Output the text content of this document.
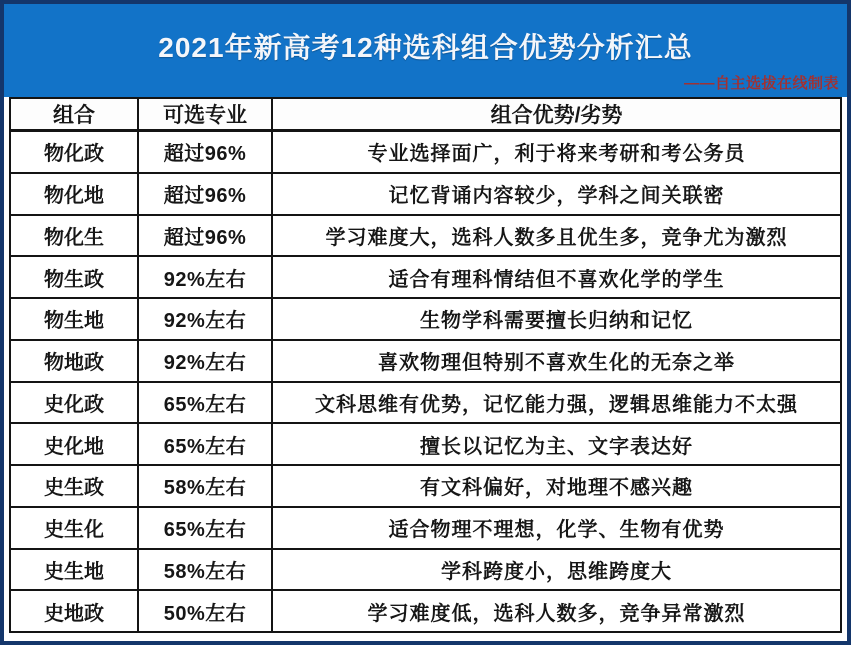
2021年新高考12种选科组合优势分析汇总
——自主选拔在线制表
组合	可选专业	组合优势/劣势
物化政	超过96%	专业选择面广，利于将来考研和考公务员
物化地	超过96%	记忆背诵内容较少，学科之间关联密
物化生	超过96%	学习难度大，选科人数多且优生多，竞争尤为激烈
物生政	92%左右	适合有理科情结但不喜欢化学的学生
物生地	92%左右	生物学科需要擅长归纳和记忆
物地政	92%左右	喜欢物理但特别不喜欢生化的无奈之举
史化政	65%左右	文科思维有优势，记忆能力强，逻辑思维能力不太强
史化地	65%左右	擅长以记忆为主、文字表达好
史生政	58%左右	有文科偏好，对地理不感兴趣
史生化	65%左右	适合物理不理想，化学、生物有优势
史生地	58%左右	学科跨度小，思维跨度大
史地政	50%左右	学习难度低，选科人数多，竞争异常激烈
